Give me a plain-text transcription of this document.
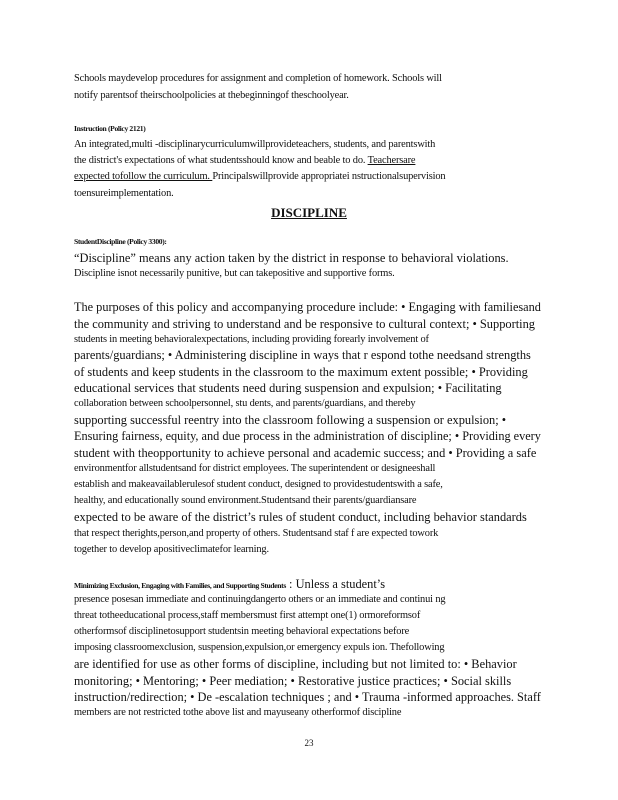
Schools maydevelop procedures for assignment and completion of homework. Schools will
notify parentsof theirschoolpolicies at thebeginningof theschoolyear.
Instruction (Policy 2121)
An integrated,multi -disciplinarycurriculumwillprovideteachers, students, and parentswith
the district's expectations of what studentsshould know and beable to do. Teachersare
expected tofollow the curriculum. Principalswillprovide appropriatei nstructionalsupervision
toensureimplementation.
DISCIPLINE
StudentDiscipline (Policy 3300):
“Discipline” means any action taken by the district in response to behavioral violations.
Discipline isnot necessarily punitive, but can takepositive and supportive forms.
The purposes of this policy and accompanying procedure include: • Engaging with familiesand
the community and striving to understand and be responsive to cultural context; • Supporting
students in meeting behavioralexpectations, including providing forearly involvement of
parents/guardians; • Administering discipline in ways that r espond tothe needsand strengths
of students and keep students in the classroom to the maximum extent possible; • Providing
educational services that students need during suspension and expulsion; • Facilitating
collaboration between schoolpersonnel, stu dents, and parents/guardians, and thereby
supporting successful reentry into the classroom following a suspension or expulsion; •
Ensuring fairness, equity, and due process in the administration of discipline; • Providing every
student with theopportunity to achieve personal and academic success; and • Providing a safe
environmentfor allstudentsand for district employees. The superintendent or designeeshall
establish and makeavailablerulesof student conduct, designed to providestudentswith a safe,
healthy, and educationally sound environment.Studentsand their parents/guardiansare
expected to be aware of the district’s rules of student conduct, including behavior standards
that respect therights,person,and property of others. Studentsand staf f are expected towork
together to develop apositiveclimatefor learning.
Minimizing Exclusion, Engaging with Families, and Supporting Students : Unless a student’s
presence posesan immediate and continuingdangerto others or an immediate and continui ng
threat totheeducational process,staff membersmust first attempt one(1) ormoreformsof
otherformsof disciplinetosupport studentsin meeting behavioral expectations before
imposing classroomexclusion, suspension,expulsion,or emergency expuls ion. Thefollowing
are identified for use as other forms of discipline, including but not limited to: • Behavior
monitoring; • Mentoring; • Peer mediation; • Restorative justice practices; • Social skills
instruction/redirection; • De -escalation techniques ; and • Trauma -informed approaches. Staff
members are not restricted tothe above list and mayuseany otherformof discipline
23
